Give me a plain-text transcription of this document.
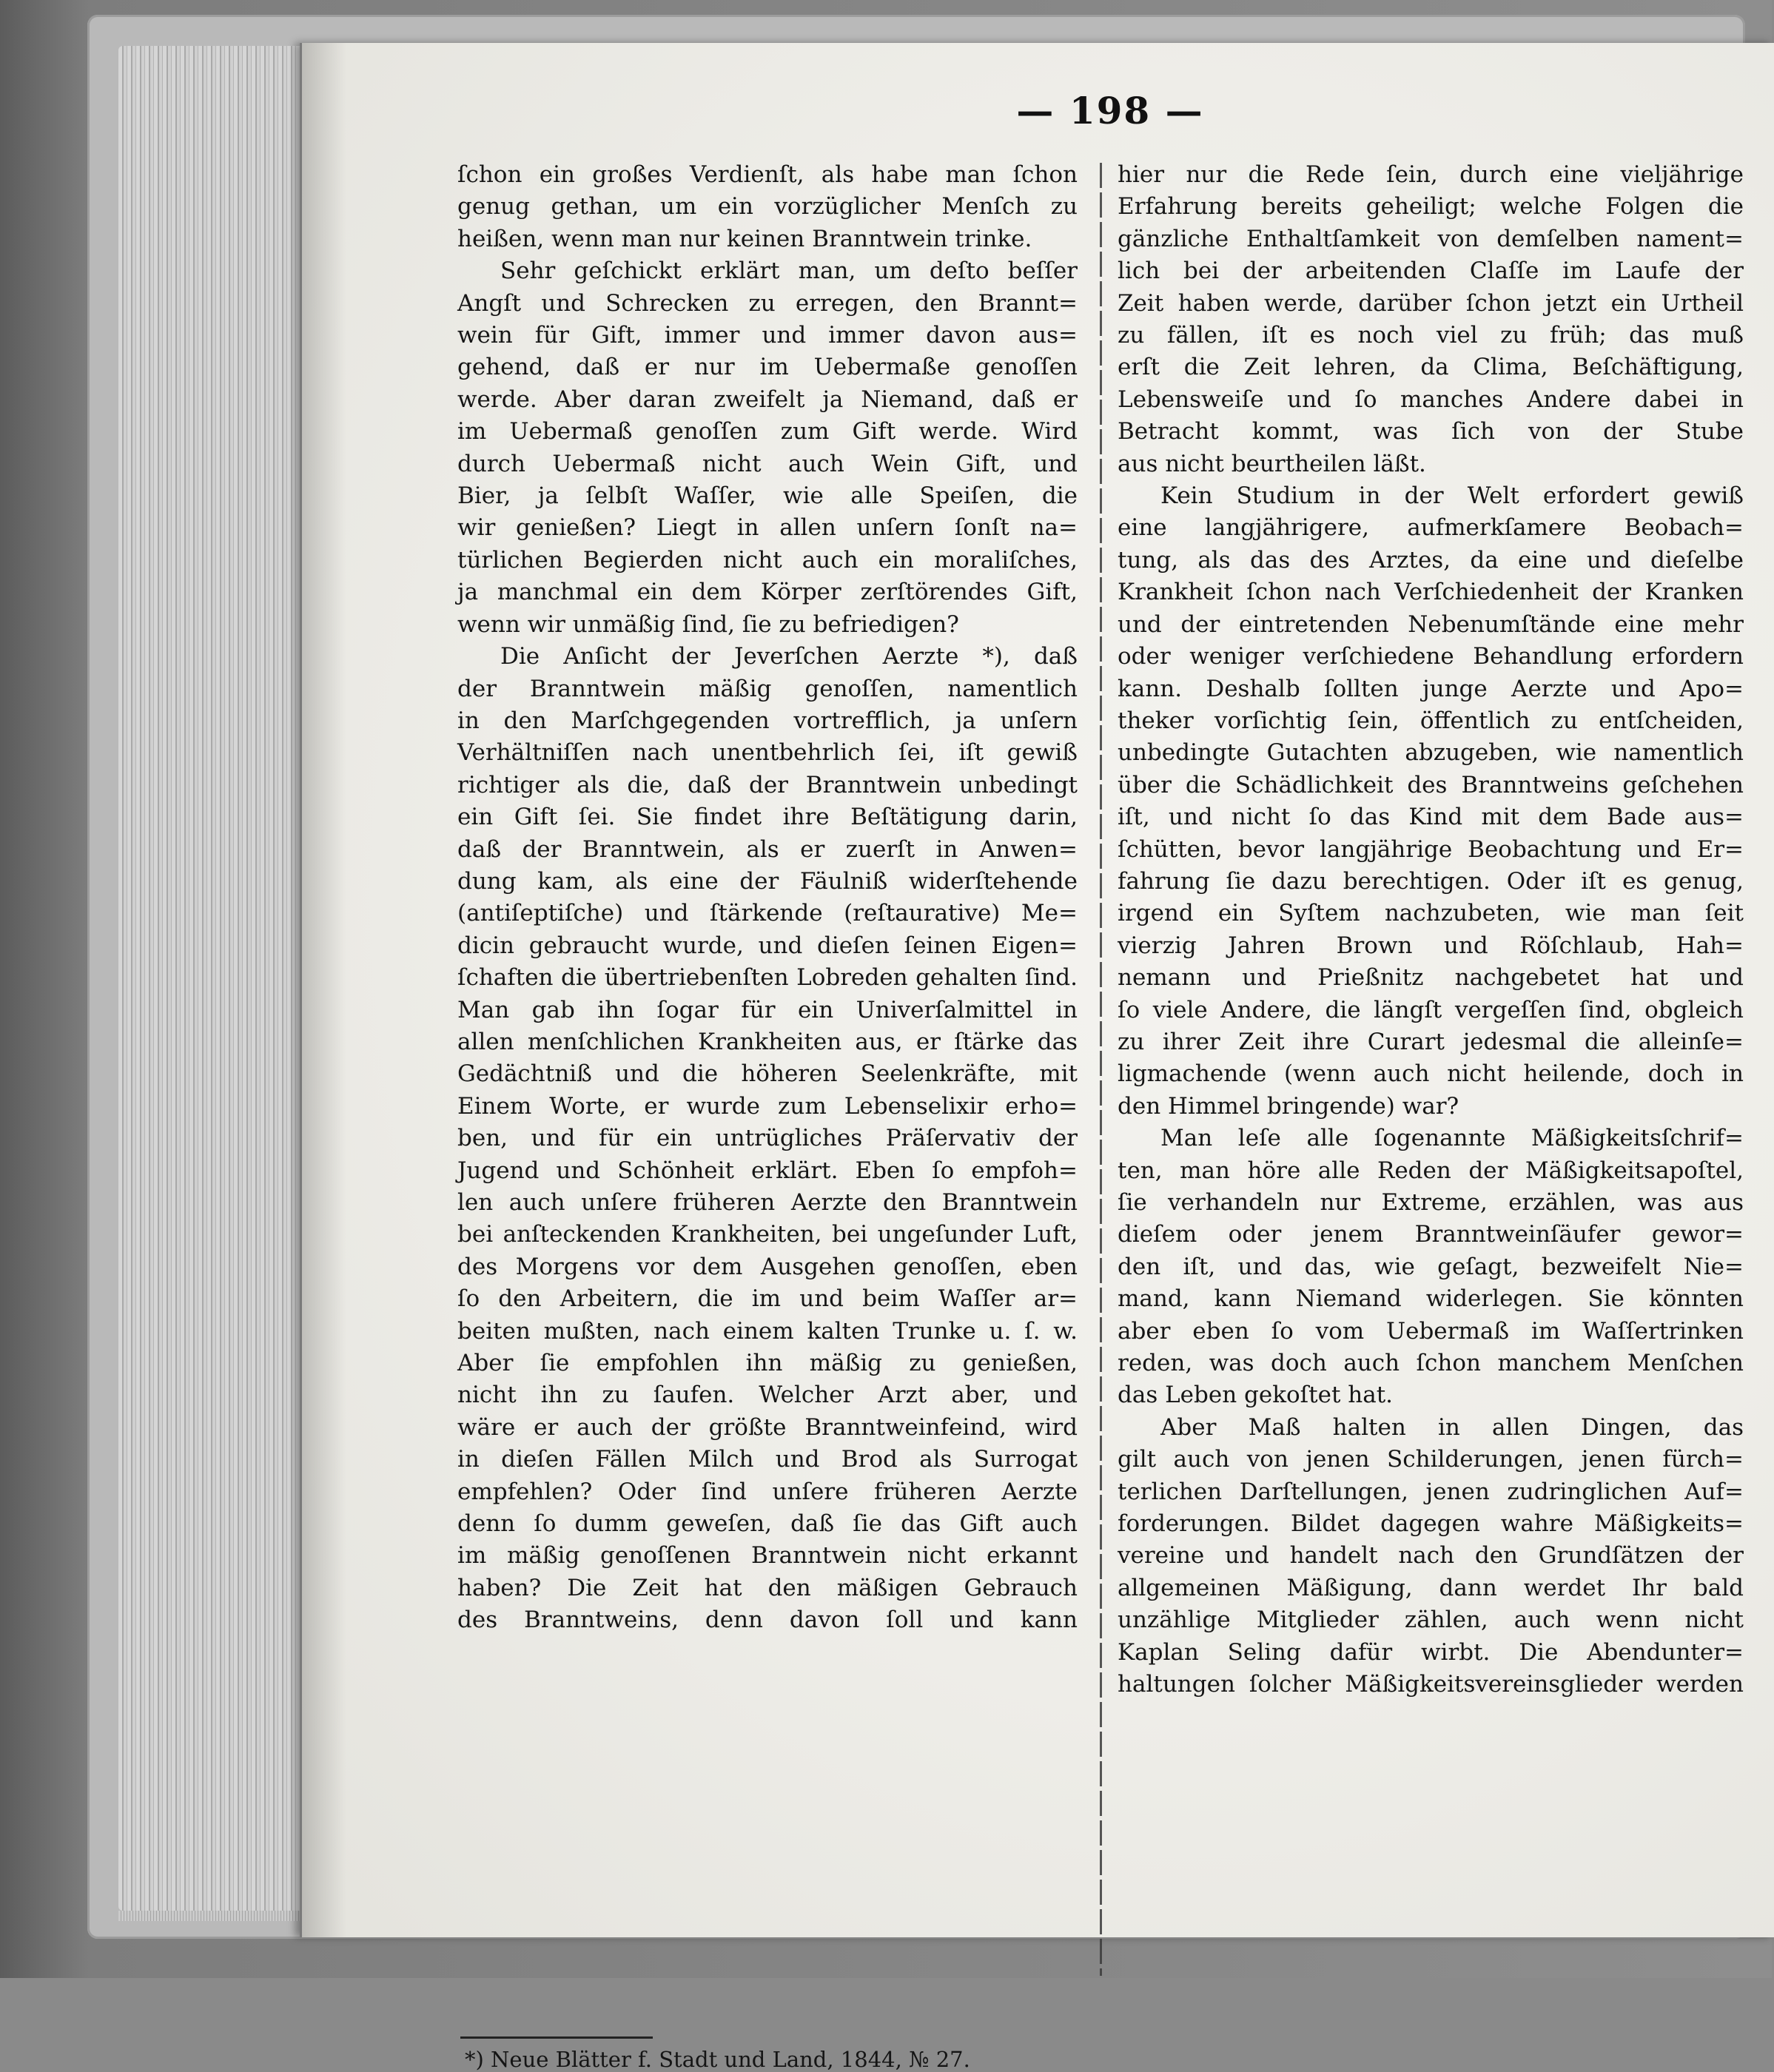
— 198 —
ſchon ein großes Verdienſt, als habe man ſchon
genug gethan, um ein vorzüglicher Menſch zu
heißen, wenn man nur keinen Branntwein trinke.
Sehr geſchickt erklärt man, um deſto beſſer
Angſt und Schrecken zu erregen, den Brannt=
wein für Gift, immer und immer davon aus=
gehend, daß er nur im Uebermaße genoſſen
werde. Aber daran zweifelt ja Niemand, daß er
im Uebermaß genoſſen zum Gift werde. Wird
durch Uebermaß nicht auch Wein Gift, und
Bier, ja ſelbſt Waſſer, wie alle Speiſen, die
wir genießen? Liegt in allen unſern ſonſt na=
türlichen Begierden nicht auch ein moraliſches,
ja manchmal ein dem Körper zerſtörendes Gift,
wenn wir unmäßig ſind, ſie zu befriedigen?
Die Anſicht der Jeverſchen Aerzte *), daß
der Branntwein mäßig genoſſen, namentlich
in den Marſchgegenden vortrefflich, ja unſern
Verhältniſſen nach unentbehrlich ſei, iſt gewiß
richtiger als die, daß der Branntwein unbedingt
ein Gift ſei. Sie findet ihre Beſtätigung darin,
daß der Branntwein, als er zuerſt in Anwen=
dung kam, als eine der Fäulniß widerſtehende
(antiſeptiſche) und ſtärkende (reſtaurative) Me=
dicin gebraucht wurde, und dieſen ſeinen Eigen=
ſchaften die übertriebenſten Lobreden gehalten ſind.
Man gab ihn ſogar für ein Univerſalmittel in
allen menſchlichen Krankheiten aus, er ſtärke das
Gedächtniß und die höheren Seelenkräfte, mit
Einem Worte, er wurde zum Lebenselixir erho=
ben, und für ein untrügliches Präſervativ der
Jugend und Schönheit erklärt. Eben ſo empfoh=
len auch unſere früheren Aerzte den Branntwein
bei anſteckenden Krankheiten, bei ungeſunder Luft,
des Morgens vor dem Ausgehen genoſſen, eben
ſo den Arbeitern, die im und beim Waſſer ar=
beiten mußten, nach einem kalten Trunke u. ſ. w.
Aber ſie empfohlen ihn mäßig zu genießen,
nicht ihn zu ſaufen. Welcher Arzt aber, und
wäre er auch der größte Branntweinfeind, wird
in dieſen Fällen Milch und Brod als Surrogat
empfehlen? Oder ſind unſere früheren Aerzte
denn ſo dumm geweſen, daß ſie das Gift auch
im mäßig genoſſenen Branntwein nicht erkannt
haben? Die Zeit hat den mäßigen Gebrauch
des Branntweins, denn davon ſoll und kann
hier nur die Rede ſein, durch eine vieljährige
Erfahrung bereits geheiligt; welche Folgen die
gänzliche Enthaltſamkeit von demſelben nament=
lich bei der arbeitenden Claſſe im Laufe der
Zeit haben werde, darüber ſchon jetzt ein Urtheil
zu fällen, iſt es noch viel zu früh; das muß
erſt die Zeit lehren, da Clima, Beſchäftigung,
Lebensweiſe und ſo manches Andere dabei in
Betracht kommt, was ſich von der Stube
aus nicht beurtheilen läßt.
Kein Studium in der Welt erfordert gewiß
eine langjährigere, aufmerkſamere Beobach=
tung, als das des Arztes, da eine und dieſelbe
Krankheit ſchon nach Verſchiedenheit der Kranken
und der eintretenden Nebenumſtände eine mehr
oder weniger verſchiedene Behandlung erfordern
kann. Deshalb ſollten junge Aerzte und Apo=
theker vorſichtig ſein, öffentlich zu entſcheiden,
unbedingte Gutachten abzugeben, wie namentlich
über die Schädlichkeit des Branntweins geſchehen
iſt, und nicht ſo das Kind mit dem Bade aus=
ſchütten, bevor langjährige Beobachtung und Er=
fahrung ſie dazu berechtigen. Oder iſt es genug,
irgend ein Syſtem nachzubeten, wie man ſeit
vierzig Jahren Brown und Röſchlaub, Hah=
nemann und Prießnitz nachgebetet hat und
ſo viele Andere, die längſt vergeſſen ſind, obgleich
zu ihrer Zeit ihre Curart jedesmal die alleinſe=
ligmachende (wenn auch nicht heilende, doch in
den Himmel bringende) war?
Man leſe alle ſogenannte Mäßigkeitsſchrif=
ten, man höre alle Reden der Mäßigkeitsapoſtel,
ſie verhandeln nur Extreme, erzählen, was aus
dieſem oder jenem Branntweinſäufer gewor=
den iſt, und das, wie geſagt, bezweifelt Nie=
mand, kann Niemand widerlegen. Sie könnten
aber eben ſo vom Uebermaß im Waſſertrinken
reden, was doch auch ſchon manchem Menſchen
das Leben gekoſtet hat.
Aber Maß halten in allen Dingen, das
gilt auch von jenen Schilderungen, jenen fürch=
terlichen Darſtellungen, jenen zudringlichen Auf=
forderungen. Bildet dagegen wahre Mäßigkeits=
vereine und handelt nach den Grundſätzen der
allgemeinen Mäßigung, dann werdet Ihr bald
unzählige Mitglieder zählen, auch wenn nicht
Kaplan Seling dafür wirbt. Die Abendunter=
haltungen ſolcher Mäßigkeitsvereinsglieder werden
*) Neue Blätter f. Stadt und Land, 1844, № 27.
